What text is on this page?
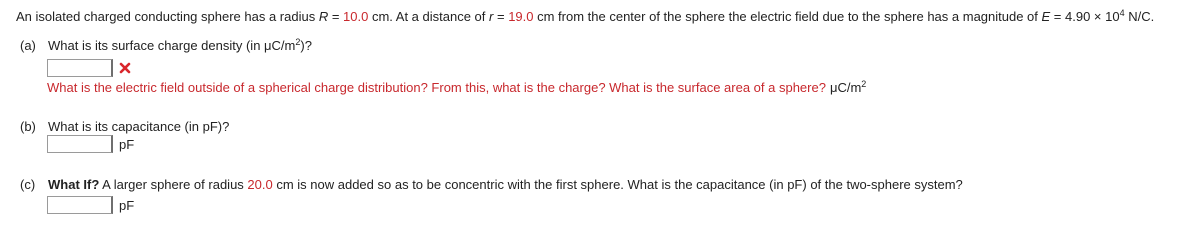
An isolated charged conducting sphere has a radius R = 10.0 cm. At a distance of r = 19.0 cm from the center of the sphere the electric field due to the sphere has a magnitude of $E = 4.90 \times 10^4$ N/C.
(a) What is its surface charge density (in $\mu C/m^2$)?
What is the electric field outside of a spherical charge distribution? From this, what is the charge? What is the surface area of a sphere? $\mu C/m^2$
(b) What is its capacitance (in pF)?
pF
(c) What If? A larger sphere of radius 20.0 cm is now added so as to be concentric with the first sphere. What is the capacitance (in pF) of the two-sphere system?
pF
